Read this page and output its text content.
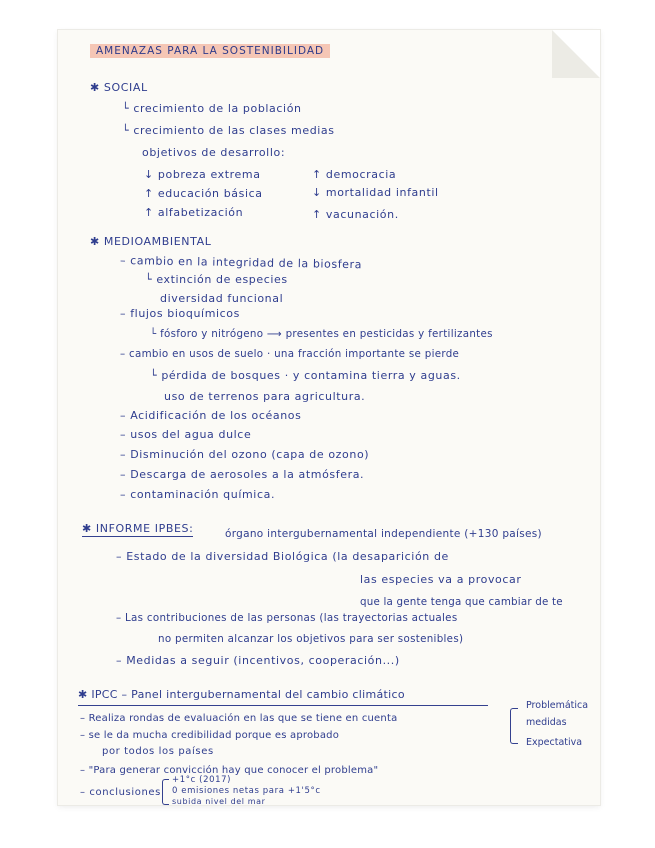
AMENAZAS PARA LA SOSTENIBILIDAD
✱ SOCIAL
└ crecimiento de la población
└ crecimiento de las clases medias
objetivos de desarrollo:
↓ pobreza extrema	↑ democracia
↑ educación básica	↓ mortalidad infantil
↑ alfabetización	↑ vacunación.
✱ MEDIOAMBIENTAL
– cambio en la integridad de la biosfera
└ extinción de especies
diversidad funcional
– flujos bioquímicos
└ fósforo y nitrógeno ⟶ presentes en pesticidas y fertilizantes
– cambio en usos de suelo · una fracción importante se pierde
└ pérdida de bosques · y contamina tierra y aguas.
uso de terrenos para agricultura.
– Acidificación de los océanos
– usos del agua dulce
– Disminución del ozono (capa de ozono)
– Descarga de aerosoles a la atmósfera.
– contaminación química.
✱ INFORME IPBES:	órgano intergubernamental independiente (+130 países)
– Estado de la diversidad Biológica (la desaparición de
las especies va a provocar
que la gente tenga que cambiar de te
– Las contribuciones de las personas (las trayectorias actuales
no permiten alcanzar los objetivos para ser sostenibles)
– Medidas a seguir (incentivos, cooperación...)
✱ IPCC – Panel intergubernamental del cambio climático
– Realiza rondas de evaluación en las que se tiene en cuenta
– se le da mucha credibilidad porque es aprobado
por todos los países
– "Para generar convicción hay que conocer el problema"
– conclusiones
+1°c (2017)
0 emisiones netas para +1'5°c
subida nivel del mar
Problemática
medidas
Expectativa
